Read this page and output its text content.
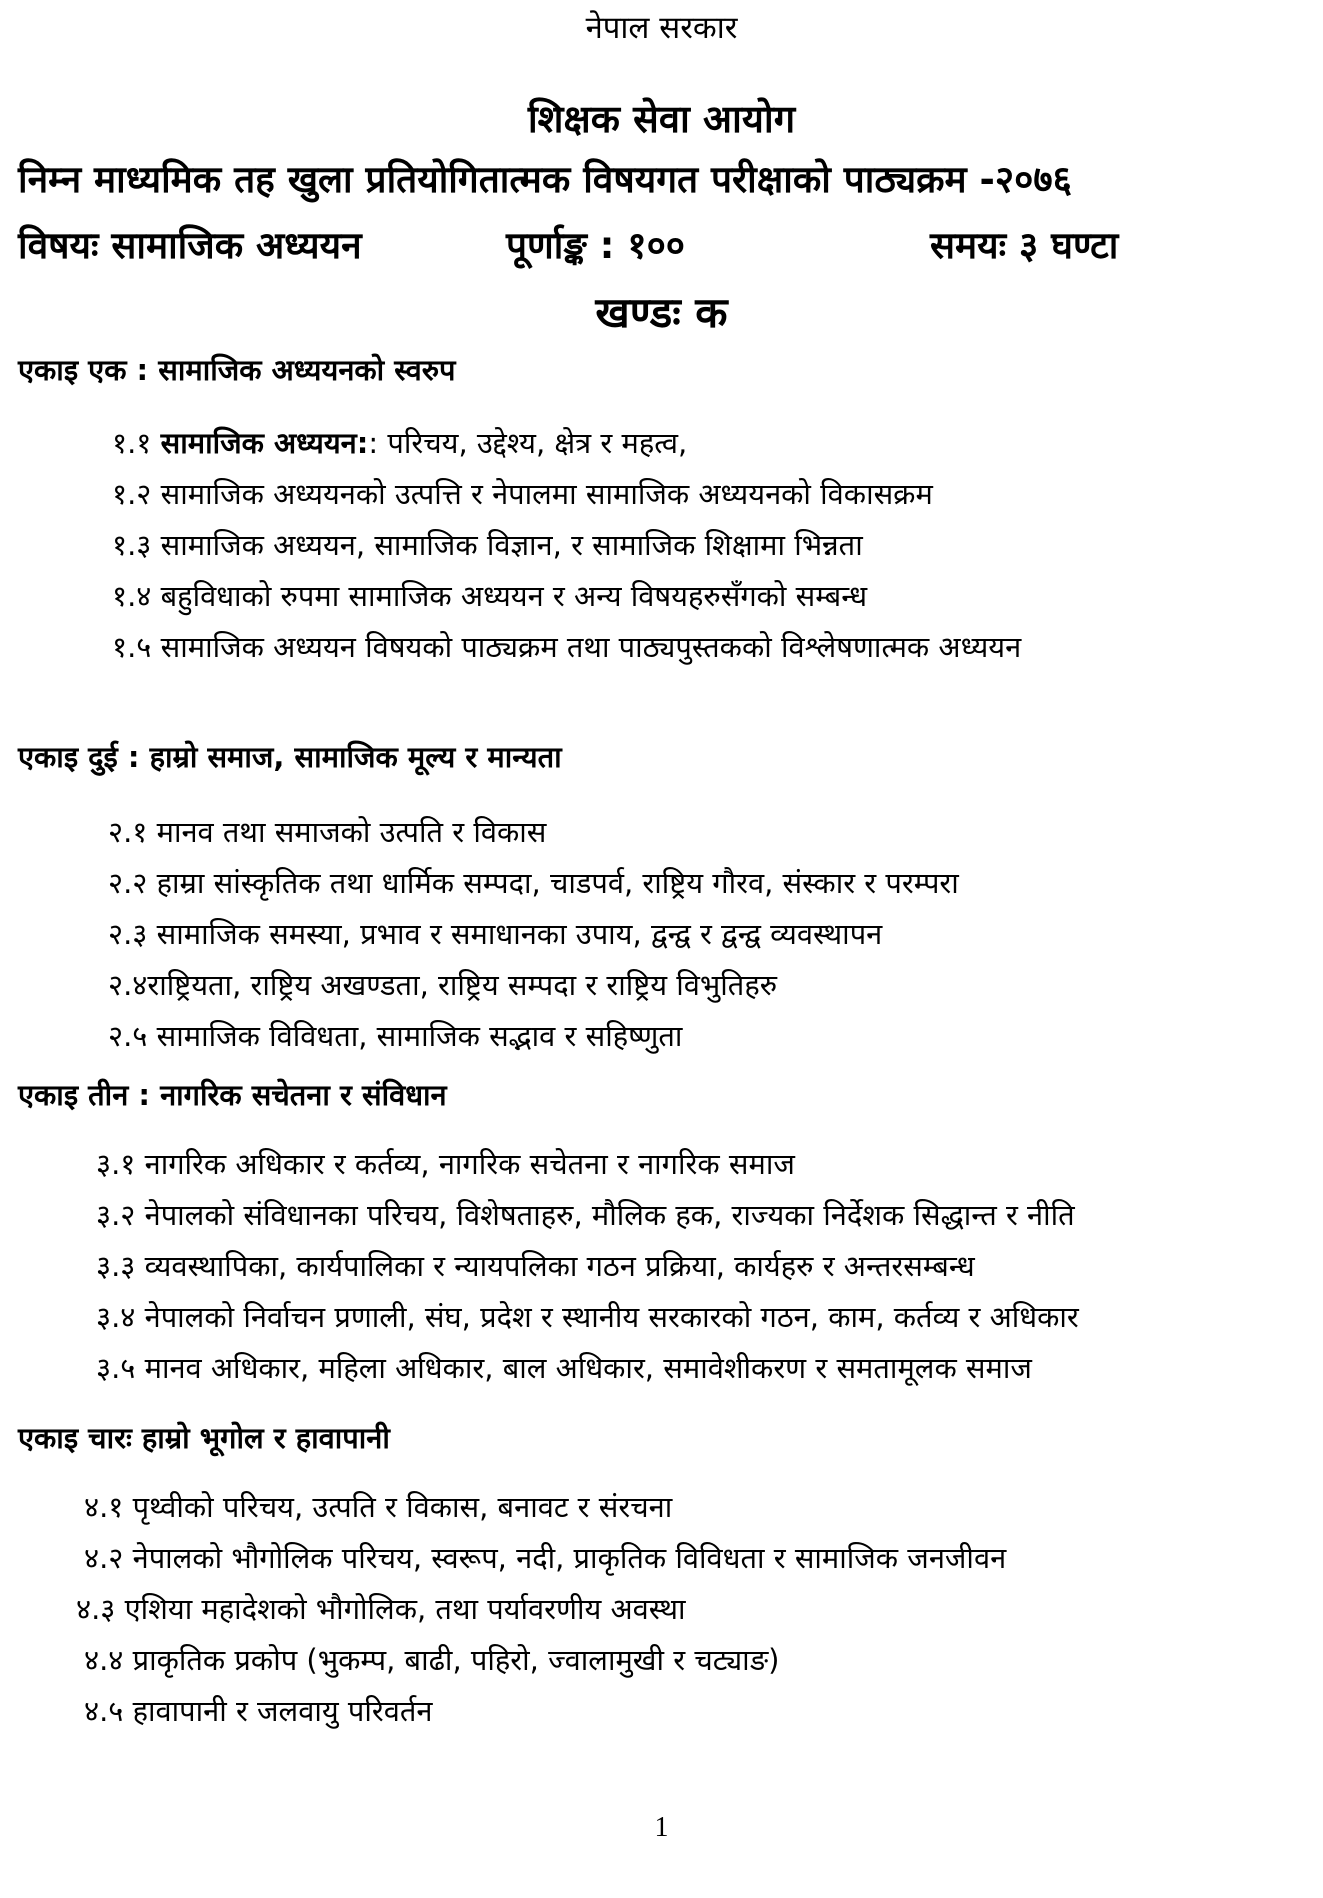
नेपाल सरकार
शिक्षक सेवा आयोग
निम्न माध्यमिक तह खुला प्रतियोगितात्मक विषयगत परीक्षाको पाठ्यक्रम -२०७६
विषयः सामाजिक अध्ययन	पूर्णाङ्क : १००	समयः ३ घण्टा
खण्डः क
एकाइ एक : सामाजिक अध्ययनको स्वरुप
१.१ सामाजिक अध्ययन:: परिचय, उद्देश्य, क्षेत्र र महत्व,
१.२ सामाजिक अध्ययनको उत्पत्ति र नेपालमा सामाजिक अध्ययनको विकासक्रम
१.३ सामाजिक अध्ययन, सामाजिक विज्ञान, र सामाजिक शिक्षामा भिन्नता
१.४ बहुविधाको रुपमा सामाजिक अध्ययन र अन्य विषयहरुसँगको सम्बन्ध
१.५ सामाजिक अध्ययन विषयको पाठ्यक्रम तथा पाठ्यपुस्तकको विश्लेषणात्मक अध्ययन
एकाइ दुई : हाम्रो समाज, सामाजिक मूल्य र मान्यता
२.१ मानव तथा समाजको उत्पति र विकास
२.२ हाम्रा सांस्कृतिक तथा धार्मिक सम्पदा, चाडपर्व, राष्ट्रिय गौरव, संस्कार र परम्परा
२.३ सामाजिक समस्या, प्रभाव र समाधानका उपाय, द्वन्द्व र द्वन्द्व व्यवस्थापन
२.४राष्ट्रियता, राष्ट्रिय अखण्डता, राष्ट्रिय सम्पदा र राष्ट्रिय विभुतिहरु
२.५ सामाजिक विविधता, सामाजिक सद्भाव र सहिष्णुता
एकाइ तीन : नागरिक सचेतना र संविधान
३.१ नागरिक अधिकार र कर्तव्य, नागरिक सचेतना र नागरिक समाज
३.२ नेपालको संविधानका परिचय, विशेषताहरु, मौलिक हक, राज्यका निर्देशक सिद्धान्त र नीति
३.३ व्यवस्थापिका, कार्यपालिका र न्यायपलिका गठन प्रक्रिया, कार्यहरु र अन्तरसम्बन्ध
३.४ नेपालको निर्वाचन प्रणाली, संघ, प्रदेश र स्थानीय सरकारको गठन, काम, कर्तव्य र अधिकार
३.५ मानव अधिकार, महिला अधिकार, बाल अधिकार, समावेशीकरण र समतामूलक समाज
एकाइ चारः हाम्रो भूगोल र हावापानी
४.१ पृथ्वीको परिचय, उत्पति र विकास, बनावट र संरचना
४.२ नेपालको भौगोलिक परिचय, स्वरूप, नदी, प्राकृतिक विविधता र सामाजिक जनजीवन
४.३ एशिया महादेशको भौगोलिक, तथा पर्यावरणीय अवस्था
४.४ प्राकृतिक प्रकोप (भुकम्प, बाढी, पहिरो, ज्वालामुखी र चट्याङ)
४.५ हावापानी र जलवायु परिवर्तन
1
